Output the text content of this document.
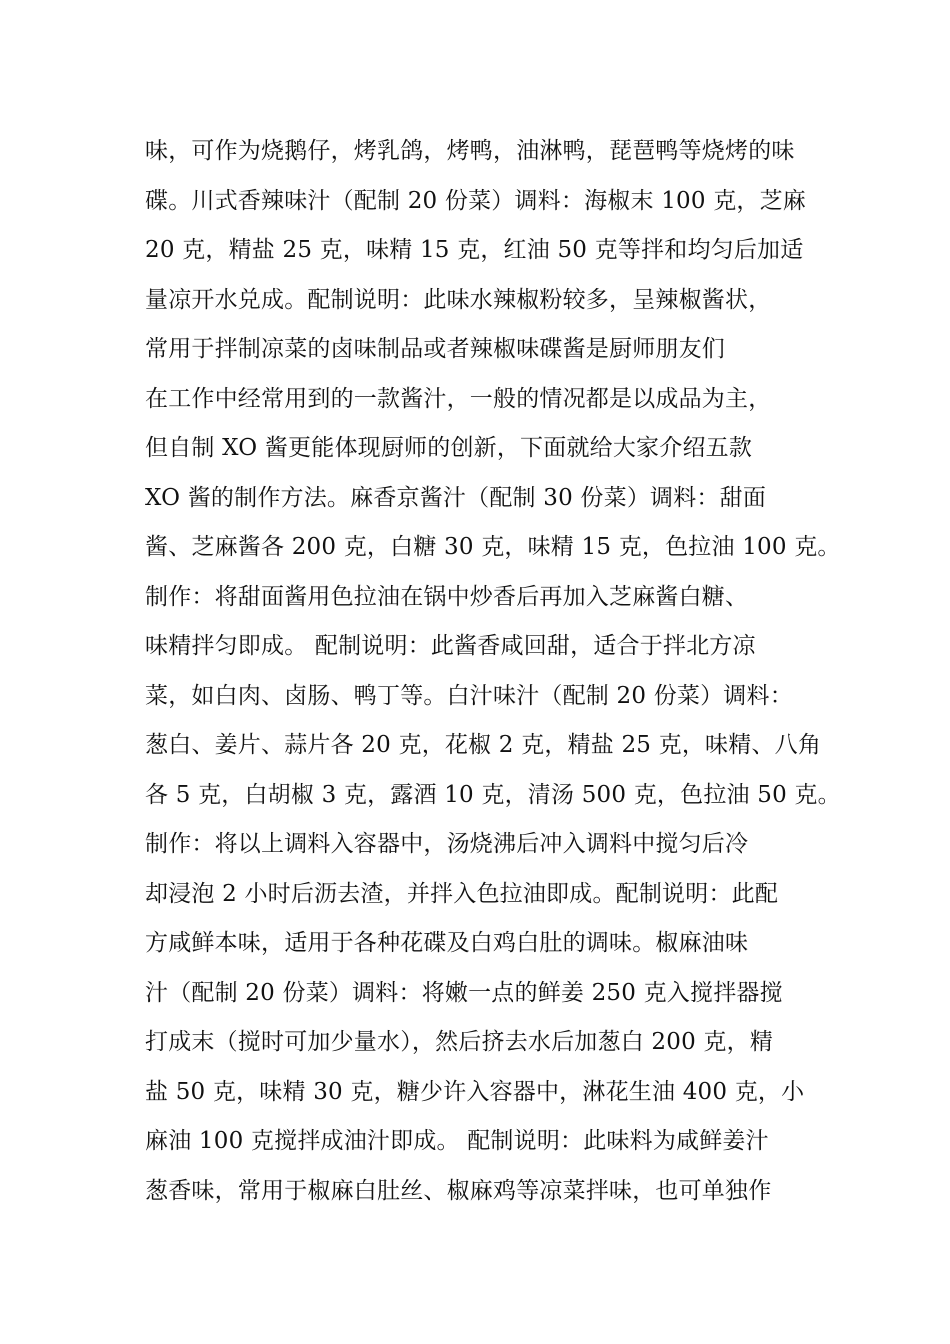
味，可作为烧鹅仔，烤乳鸽，烤鸭，油淋鸭，琵琶鸭等烧烤的味
碟。川式香辣味汁（配制 20 份菜）调料：海椒末 100 克，芝麻
20 克，精盐 25 克，味精 15 克，红油 50 克等拌和均匀后加适
量凉开水兑成。配制说明：此味水辣椒粉较多，呈辣椒酱状，
常用于拌制凉菜的卤味制品或者辣椒味碟酱是厨师朋友们
在工作中经常用到的一款酱汁，一般的情况都是以成品为主，
但自制 XO 酱更能体现厨师的创新，下面就给大家介绍五款
XO 酱的制作方法。麻香京酱汁（配制 30 份菜）调料：甜面
酱、芝麻酱各 200 克，白糖 30 克，味精 15 克，色拉油 100 克。
制作：将甜面酱用色拉油在锅中炒香后再加入芝麻酱白糖、
味精拌匀即成。 配制说明：此酱香咸回甜，适合于拌北方凉
菜，如白肉、卤肠、鸭丁等。白汁味汁（配制 20 份菜）调料：
葱白、姜片、蒜片各 20 克，花椒 2 克，精盐 25 克，味精、八角
各 5 克，白胡椒 3 克，露酒 10 克，清汤 500 克，色拉油 50 克。
制作：将以上调料入容器中，汤烧沸后冲入调料中搅匀后冷
却浸泡 2 小时后沥去渣，并拌入色拉油即成。配制说明：此配
方咸鲜本味，适用于各种花碟及白鸡白肚的调味。椒麻油味
汁（配制 20 份菜）调料：将嫩一点的鲜姜 250 克入搅拌器搅
打成末（搅时可加少量水），然后挤去水后加葱白 200 克，精
盐 50 克，味精 30 克，糖少许入容器中，淋花生油 400 克，小
麻油 100 克搅拌成油汁即成。 配制说明：此味料为咸鲜姜汁
葱香味，常用于椒麻白肚丝、椒麻鸡等凉菜拌味，也可单独作
